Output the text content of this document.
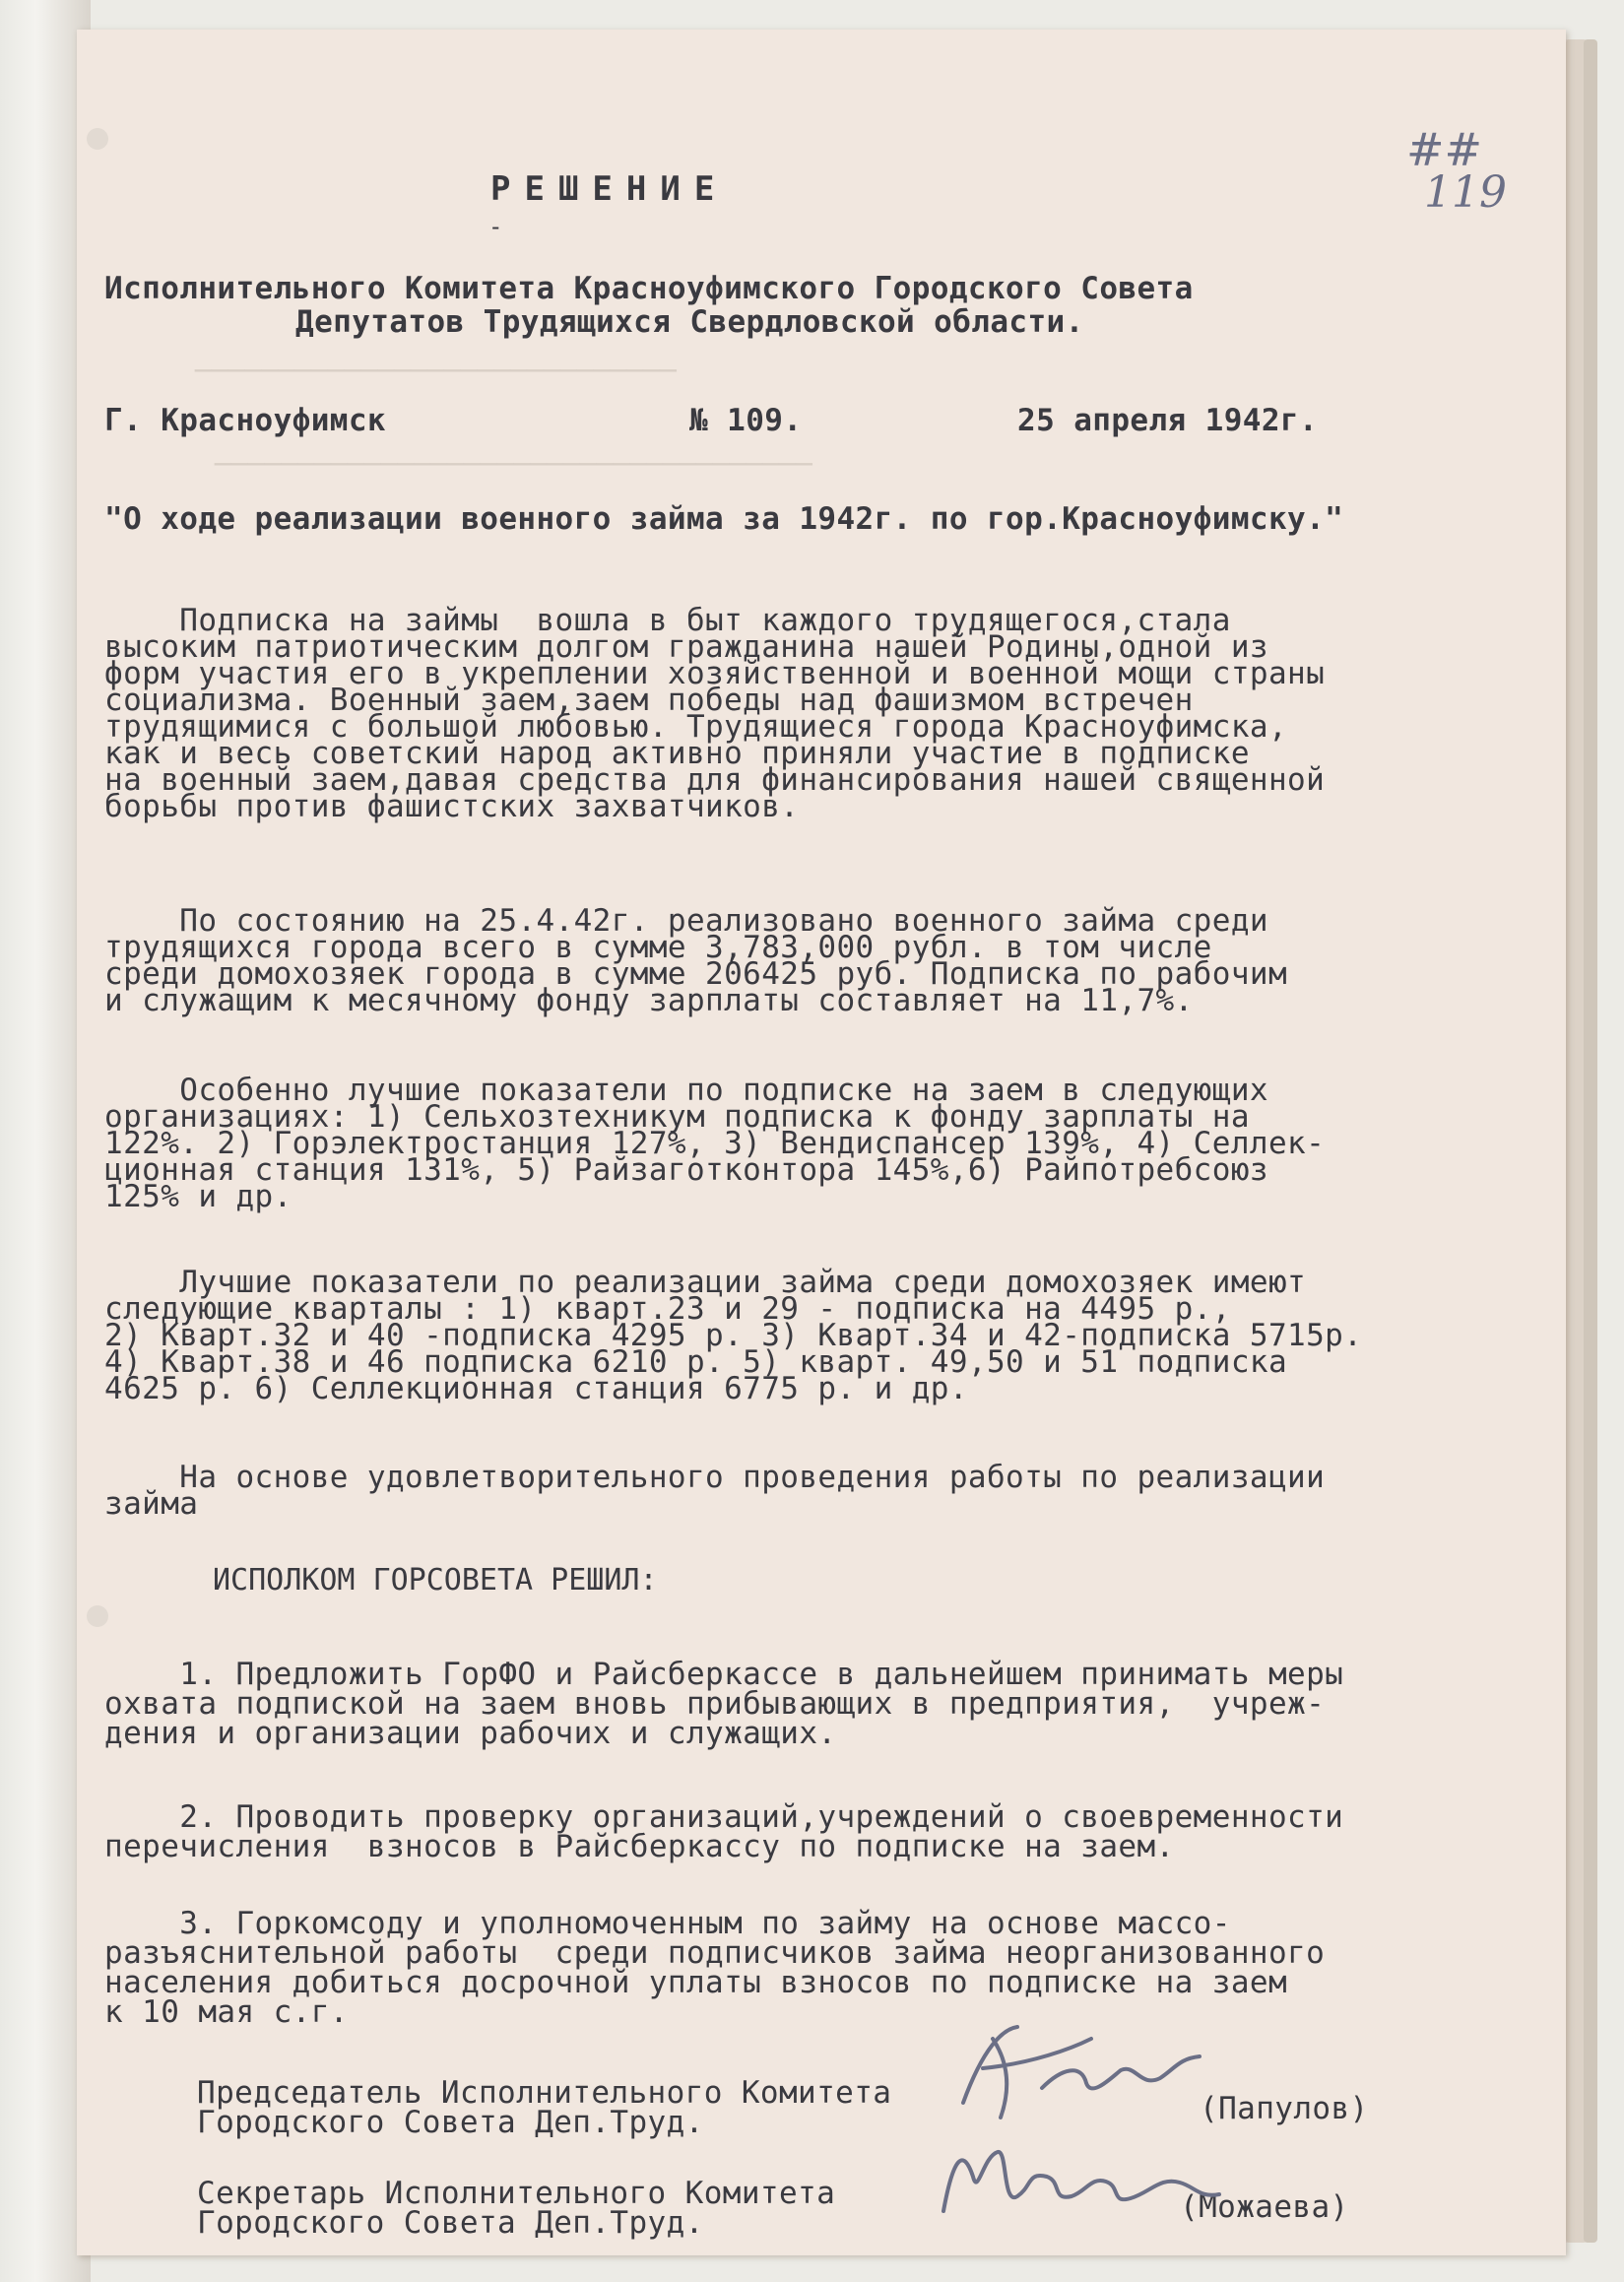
─────────────────────────────
────────────────────────────────────
##
119
РЕШЕНИЕ
-
Исполнительного Комитета Красноуфимского Городского Совета
Депутатов Трудящихся Свердловской области.
Г. Красноуфимск	№ 109.	25 апреля 1942г.
"О ходе реализации военного займа за 1942г. по гор.Красноуфимску."
Подписка на займы  вошла в быт каждого трудящегося,стала
высоким патриотическим долгом гражданина нашей Родины,одной из
форм участия его в укреплении хозяйственной и военной мощи страны
социализма. Военный заем,заем победы над фашизмом встречен
трудящимися с большой любовью. Трудящиеся города Красноуфимска,
как и весь советский народ активно приняли участие в подписке
на военный заем,давая средства для финансирования нашей священной
борьбы против фашистских захватчиков.
По состоянию на 25.4.42г. реализовано военного займа среди
трудящихся города всего в сумме 3,783,000 рубл. в том числе
среди домохозяек города в сумме 206425 руб. Подписка по рабочим
и служащим к месячному фонду зарплаты составляет на 11,7%.
Особенно лучшие показатели по подписке на заем в следующих
организациях: 1) Сельхозтехникум подписка к фонду зарплаты на
122%. 2) Горэлектростанция 127%, 3) Вендиспансер 139%, 4) Селлек-
ционная станция 131%, 5) Райзаготконтора 145%,6) Райпотребсоюз
125% и др.
Лучшие показатели по реализации займа среди домохозяек имеют
следующие кварталы : 1) кварт.23 и 29 - подписка на 4495 р.,
2) Кварт.32 и 40 -подписка 4295 р. 3) Кварт.34 и 42-подписка 5715р.
4) Кварт.38 и 46 подписка 6210 р. 5) кварт. 49,50 и 51 подписка
4625 р. 6) Селлекционная станция 6775 р. и др.
На основе удовлетворительного проведения работы по реализации
займа
ИСПОЛКОМ ГОРСОВЕТА РЕШИЛ:
1. Предложить ГорФО и Райсберкассе в дальнейшем принимать меры
охвата подпиской на заем вновь прибывающих в предприятия,  учреж-
дения и организации рабочих и служащих.
2. Проводить проверку организаций,учреждений о своевременности
перечисления  взносов в Райсберкассу по подписке на заем.
3. Горкомсоду и уполномоченным по займу на основе массо-
разъяснительной работы  среди подписчиков займа неорганизованного
населения добиться досрочной уплаты взносов по подписке на заем
к 10 мая с.г.
Председатель Исполнительного Комитета
Городского Совета Деп.Труд.	(Папулов)
Секретарь Исполнительного Комитета
Городского Совета Деп.Труд.	(Можаева)
